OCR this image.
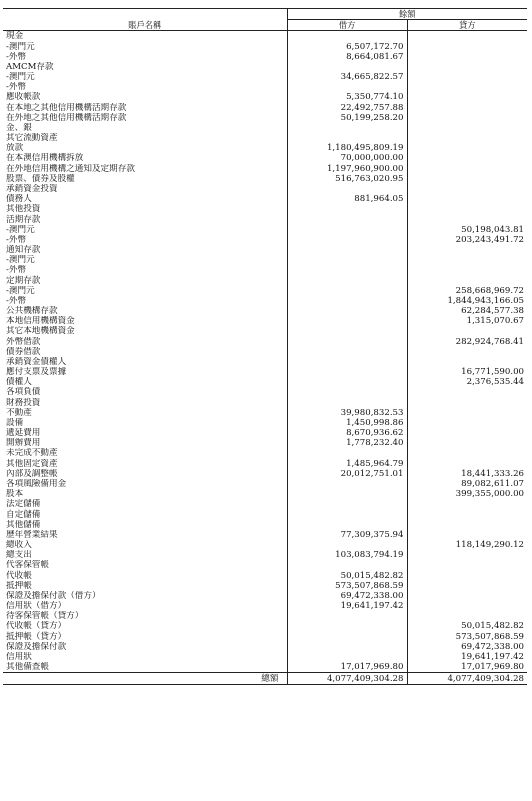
賬戶名稱	餘額	
	借方	貸方
現金		
-澳門元	6,507,172.70	
-外幣	8,664,081.67	
AMCM存款		
-澳門元	34,665,822.57	
-外幣		
應收帳款	5,350,774.10	
在本地之其他信用機構活期存款	22,492,757.88	
在外地之其他信用機構活期存款	50,199,258.20	
金、銀		
其它流動資產		
放款	1,180,495,809.19	
在本澳信用機構拆放	70,000,000.00	
在外地信用機構之通知及定期存款	1,197,960,900.00	
股票、債券及股權	516,763,020.95	
承銷資金投資		
債務人	881,964.05	
其他投資		
活期存款		
-澳門元		50,198,043.81
-外幣		203,243,491.72
通知存款		
-澳門元		
-外幣		
定期存款		
-澳門元		258,668,969.72
-外幣		1,844,943,166.05
公共機構存款		62,284,577.38
本地信用機構資金		1,315,070.67
其它本地機構資金		
外幣借款		282,924,768.41
債券借款		
承銷資金債權人		
應付支票及票據		16,771,590.00
債權人		2,376,535.44
各項負債		
財務投資		
不動產	39,980,832.53	
設備	1,450,998.86	
遞延費用	8,670,936.62	
開辦費用	1,778,232.40	
未完成不動產		
其他固定資產	1,485,964.79	
內部及調整帳	20,012,751.01	18,441,333.26
各項風險備用金		89,082,611.07
股本		399,355,000.00
法定儲備		
自定儲備		
其他儲備		
歷年營業結果	77,309,375.94	
總收入		118,149,290.12
總支出	103,083,794.19	
代客保管帳		
代收帳	50,015,482.82	
抵押帳	573,507,868.59	
保證及擔保付款（借方）	69,472,338.00	
信用狀（借方）	19,641,197.42	
待客保管帳（貸方）		
代收帳（貸方）		50,015,482.82
抵押帳（貸方）		573,507,868.59
保證及擔保付款		69,472,338.00
信用狀		19,641,197.42
其他備查帳	17,017,969.80	17,017,969.80
總額	4,077,409,304.28	4,077,409,304.28
